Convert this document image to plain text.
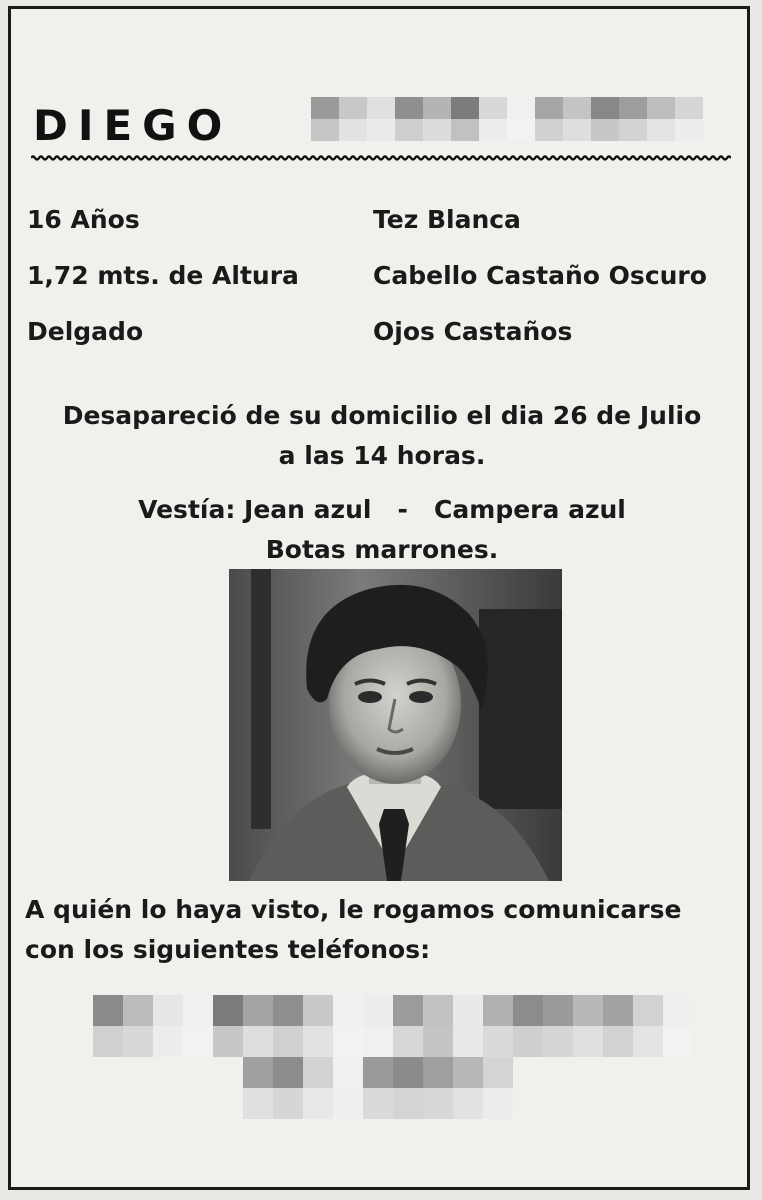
DIEGO
16 Años
1,72 mts. de Altura
Delgado
Tez Blanca
Cabello Castaño Oscuro
Ojos Castaños
Desapareció de su domicilio el dia 26 de Julio
a las 14 horas.
Vestía: Jean azul   -   Campera azul
Botas marrones.
A quién lo haya visto, le rogamos comunicarse
con los siguientes teléfonos:
